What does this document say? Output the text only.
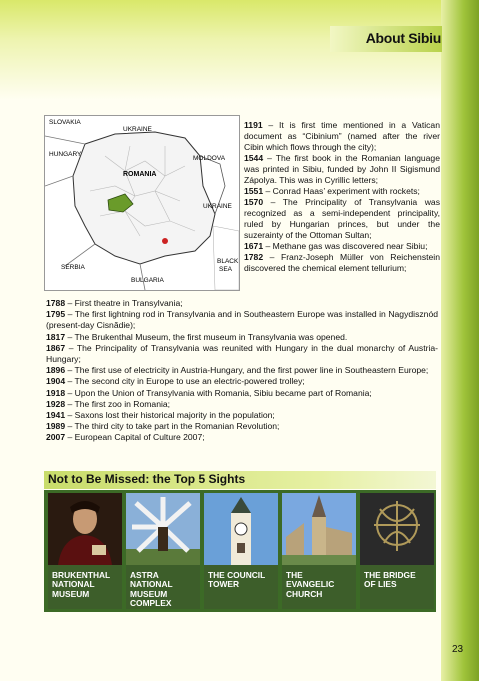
About Sibiu
SLOVAKIA
UKRAINE
HUNGARY
ROMANIA
MOLDOVA
UKRAINE
SERBIA
BULGARIA
BLACK
SEA
1191 – It is first time mentioned in a Vatican document as “Cibinium” (named after the river Cibin which flows through the city);
1544 – The first book in the Romanian language was printed in Sibiu, funded by John II Sigismund Zápolya. This was in Cyrillic letters;
1551 – Conrad Haas’ experiment with rockets;
1570 – The Principality of Transylvania was recognized as a semi-independent principality, ruled by Hungarian princes, but under the suzerainty of the Ottoman Sultan;
1671 – Methane gas was discovered near Sibiu;
1782 – Franz-Joseph Müller von Reichenstein discovered the chemical element tellurium;
1788 – First theatre in Transylvania;
1795 – The first lightning rod in Transylvania and in Southeastern Europe was installed in Nagydisznód (present-day Cisnădie);
1817 – The Brukenthal Museum, the first museum in Transylvania was opened.
1867 – The Principality of Transylvania was reunited with Hungary in the dual monarchy of Austria-Hungary;
1896 – The first use of electricity in Austria-Hungary, and the first power line in Southeastern Europe;
1904 – The second city in Europe to use an electric-powered trolley;
1918 – Upon the Union of Transylvania with Romania, Sibiu became part of Romania;
1928 – The first zoo in Romania;
1941 – Saxons lost their historical majority in the population;
1989 – The third city to take part in the Romanian Revolution;
2007 – European Capital of Culture 2007;
Not to Be Missed: the Top 5 Sights
BRUKENTHAL
NATIONAL
MUSEUM
ASTRA
NATIONAL MUSEUM
COMPLEX
THE COUNCIL
TOWER
THE EVANGELIC
CHURCH
THE BRIDGE
OF LIES
23
